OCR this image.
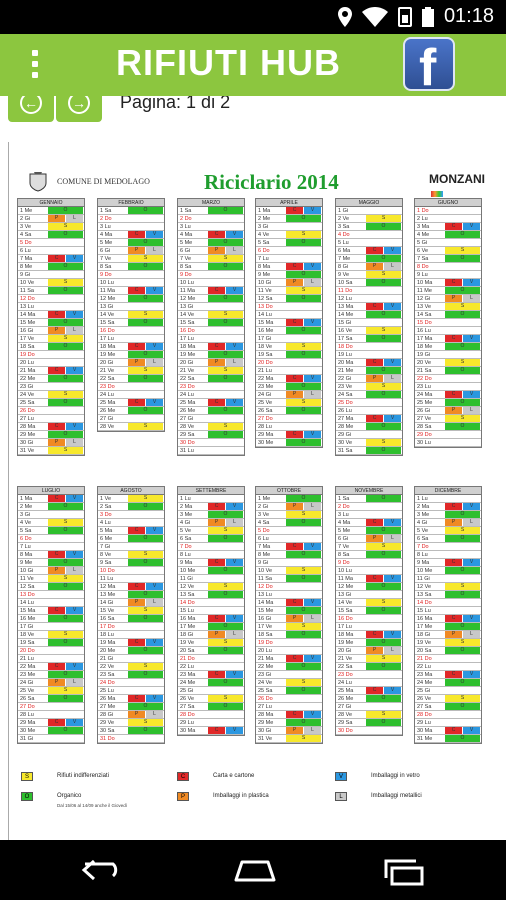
01:18
RIFIUTI HUB f
← → Pagina: 1 di 2
COMUNE DI MEDOLAGO	Riciclario 2014	MONZANI
GENNAIO
1 Me	O
2 Gi	P	L
3 Ve	S
4 Sa	O
5 Do
6 Lu
7 Ma	C	V
8 Me	O
9 Gi
10 Ve	S
11 Sa	O
12 Do
13 Lu
14 Ma	C	V
15 Me	O
16 Gi	P	L
17 Ve	S
18 Sa	O
19 Do
20 Lu
21 Ma	C	V
22 Me	O
23 Gi
24 Ve	S
25 Sa	O
26 Do
27 Lu
28 Ma	C	V
29 Me	O
30 Gi	P	L
31 Ve	S
FEBBRAIO
1 Sa	O
2 Do
3 Lu
4 Ma	C	V
5 Me	O
6 Gi	P	L
7 Ve	S
8 Sa	O
9 Do
10 Lu
11 Ma	C	V
12 Me	O
13 Gi
14 Ve	S
15 Sa	O
16 Do
17 Lu
18 Ma	C	V
19 Me	O
20 Gi	P	L
21 Ve	S
22 Sa	O
23 Do
24 Lu
25 Ma	C	V
26 Me	O
27 Gi
28 Ve	S
MARZO
1 Sa	O
2 Do
3 Lu
4 Ma	C	V
5 Me	O
6 Gi	P	L
7 Ve	S
8 Sa	O
9 Do
10 Lu
11 Ma	C	V
12 Me	O
13 Gi
14 Ve	S
15 Sa	O
16 Do
17 Lu
18 Ma	C	V
19 Me	O
20 Gi	P	L
21 Ve	S
22 Sa	O
23 Do
24 Lu
25 Ma	C	V
26 Me	O
27 Gi
28 Ve	S
29 Sa	O
30 Do
31 Lu
APRILE
1 Ma	C	V
2 Me	O
3 Gi
4 Ve	S
5 Sa	O
6 Do
7 Lu
8 Ma	C	V
9 Me	O
10 Gi	P	L
11 Ve	S
12 Sa	O
13 Do
14 Lu
15 Ma	C	V
16 Me	O
17 Gi
18 Ve	S
19 Sa	O
20 Do
21 Lu
22 Ma	C	V
23 Me	O
24 Gi	P	L
25 Ve	S
26 Sa	O
27 Do
28 Lu
29 Ma	C	V
30 Me	O
MAGGIO
1 Gi
2 Ve	S
3 Sa	O
4 Do
5 Lu
6 Ma	C	V
7 Me	O
8 Gi	P	L
9 Ve	S
10 Sa	O
11 Do
12 Lu
13 Ma	C	V
14 Me	O
15 Gi
16 Ve	S
17 Sa	O
18 Do
19 Lu
20 Ma	C	V
21 Me	O
22 Gi	P	L
23 Ve	S
24 Sa	O
25 Do
26 Lu
27 Ma	C	V
28 Me	O
29 Gi
30 Ve	S
31 Sa	O
GIUGNO
1 Do
2 Lu
3 Ma	C	V
4 Me	O
5 Gi
6 Ve	S
7 Sa	O
8 Do
9 Lu
10 Ma	C	V
11 Me	O
12 Gi	P	L
13 Ve	S
14 Sa	O
15 Do
16 Lu
17 Ma	C	V
18 Me	O
19 Gi
20 Ve	S
21 Sa	O
22 Do
23 Lu
24 Ma	C	V
25 Me	O
26 Gi	P	L
27 Ve	S
28 Sa	O
29 Do
30 Lu
LUGLIO
1 Ma	C	V
2 Me	O
3 Gi
4 Ve	S
5 Sa	O
6 Do
7 Lu
8 Ma	C	V
9 Me	O
10 Gi	P	L
11 Ve	S
12 Sa	O
13 Do
14 Lu
15 Ma	C	V
16 Me	O
17 Gi
18 Ve	S
19 Sa	O
20 Do
21 Lu
22 Ma	C	V
23 Me	O
24 Gi	P	L
25 Ve	S
26 Sa	O
27 Do
28 Lu
29 Ma	C	V
30 Me	O
31 Gi
AGOSTO
1 Ve	S
2 Sa	O
3 Do
4 Lu
5 Ma	C	V
6 Me	O
7 Gi
8 Ve	S
9 Sa	O
10 Do
11 Lu
12 Ma	C	V
13 Me	O
14 Gi	P	L
15 Ve	S
16 Sa	O
17 Do
18 Lu
19 Ma	C	V
20 Me	O
21 Gi
22 Ve	S
23 Sa	O
24 Do
25 Lu
26 Ma	C	V
27 Me	O
28 Gi	P	L
29 Ve	S
30 Sa	O
31 Do
SETTEMBRE
1 Lu
2 Ma	C	V
3 Me	O
4 Gi	P	L
5 Ve	S
6 Sa	O
7 Do
8 Lu
9 Ma	C	V
10 Me	O
11 Gi
12 Ve	S
13 Sa	O
14 Do
15 Lu
16 Ma	C	V
17 Me	O
18 Gi	P	L
19 Ve	S
20 Sa	O
21 Do
22 Lu
23 Ma	C	V
24 Me	O
25 Gi
26 Ve	S
27 Sa	O
28 Do
29 Lu
30 Ma	C	V
OTTOBRE
1 Me	O
2 Gi	P	L
3 Ve	S
4 Sa	O
5 Do
6 Lu
7 Ma	C	V
8 Me	O
9 Gi
10 Ve	S
11 Sa	O
12 Do
13 Lu
14 Ma	C	V
15 Me	O
16 Gi	P	L
17 Ve	S
18 Sa	O
19 Do
20 Lu
21 Ma	C	V
22 Me	O
23 Gi
24 Ve	S
25 Sa	O
26 Do
27 Lu
28 Ma	C	V
29 Me	O
30 Gi	P	L
31 Ve	S
NOVEMBRE
1 Sa	O
2 Do
3 Lu
4 Ma	C	V
5 Me	O
6 Gi	P	L
7 Ve	S
8 Sa	O
9 Do
10 Lu
11 Ma	C	V
12 Me	O
13 Gi
14 Ve	S
15 Sa	O
16 Do
17 Lu
18 Ma	C	V
19 Me	O
20 Gi	P	L
21 Ve	S
22 Sa	O
23 Do
24 Lu
25 Ma	C	V
26 Me	O
27 Gi
28 Ve	S
29 Sa	O
30 Do
DICEMBRE
1 Lu
2 Ma	C	V
3 Me	O
4 Gi	P	L
5 Ve	S
6 Sa	O
7 Do
8 Lu
9 Ma	C	V
10 Me	O
11 Gi
12 Ve	S
13 Sa	O
14 Do
15 Lu
16 Ma	C	V
17 Me	O
18 Gi	P	L
19 Ve	S
20 Sa	O
21 Do
22 Lu
23 Ma	C	V
24 Me	O
25 Gi
26 Ve	S
27 Sa	O
28 Do
29 Lu
30 Ma	C	V
31 Me	O
S	Rifiuti indifferenziati	C	Carta e cartone	V	Imballaggi in vetro
O	Organico
Dal 15/06 al 14/09 anche il Giovedì
P	Imballaggi in plastica	L	Imballaggi metallici
